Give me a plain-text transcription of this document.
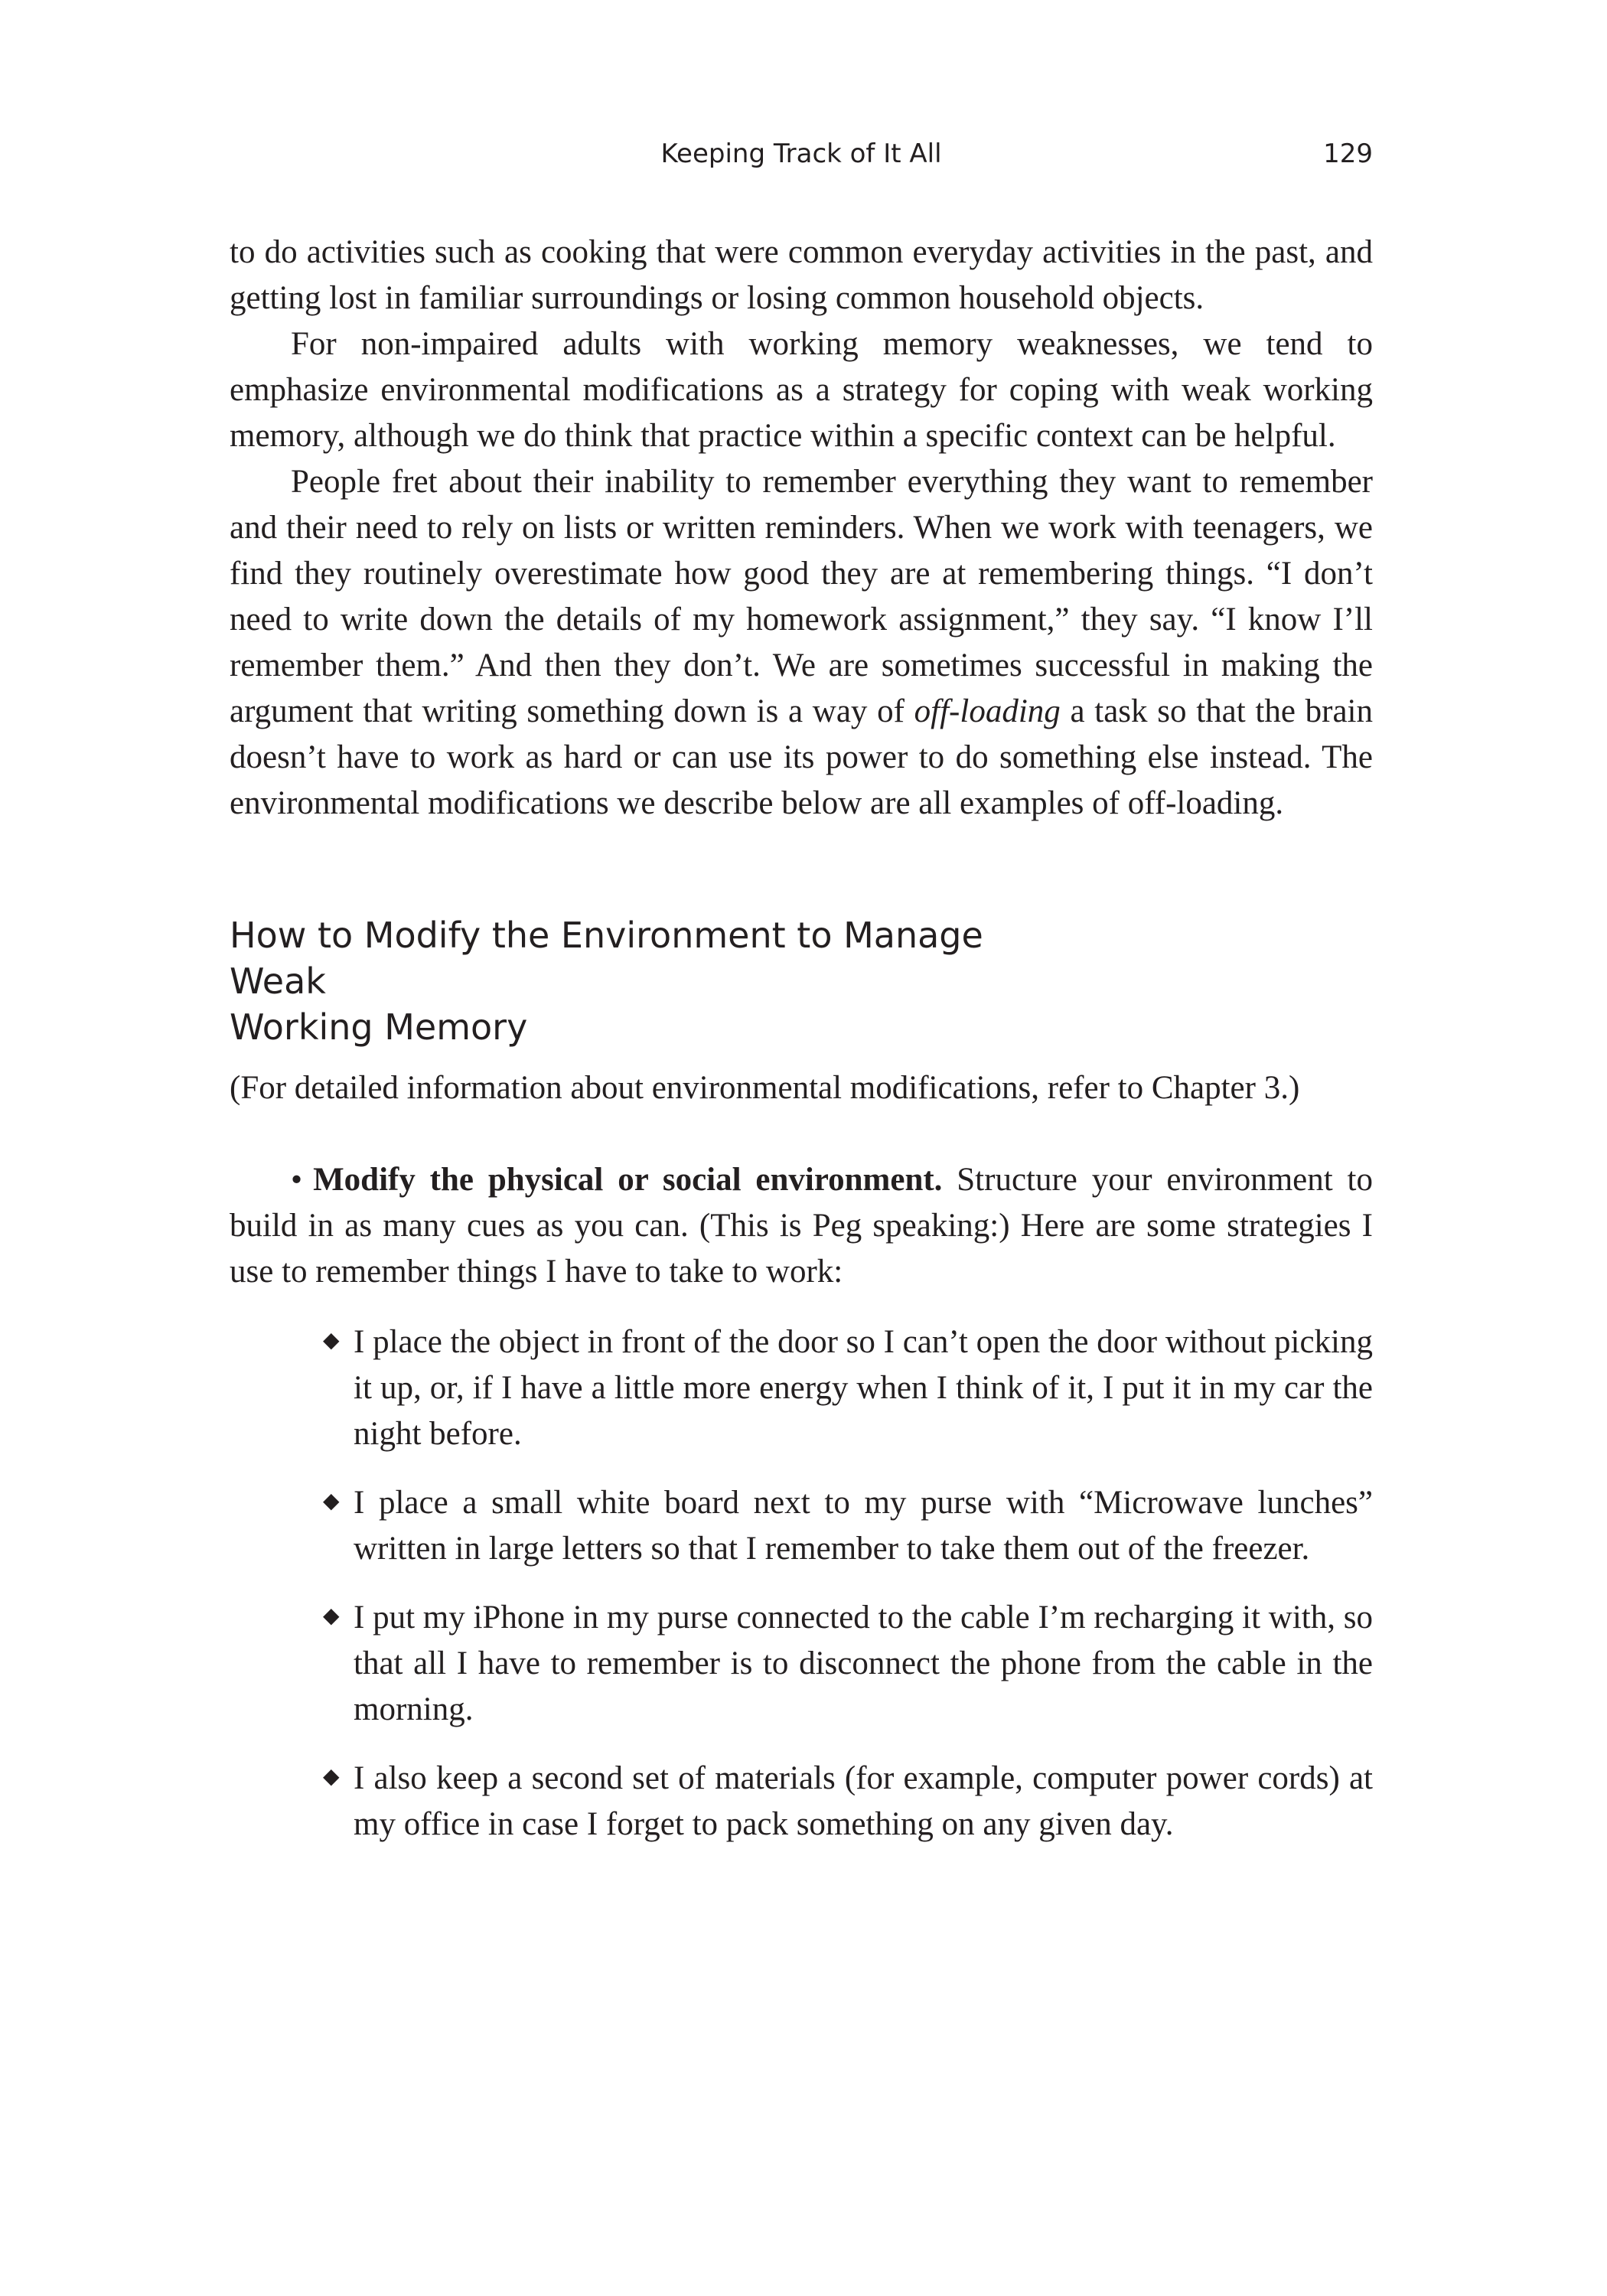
Keeping Track of It All	129

to do activities such as cooking that were common everyday activities in the past, and getting lost in familiar surroundings or losing common household objects.

For non-impaired adults with working memory weaknesses, we tend to emphasize environmental modifications as a strategy for coping with weak working memory, although we do think that practice within a specific context can be helpful.

People fret about their inability to remember everything they want to remember and their need to rely on lists or written reminders. When we work with teenagers, we find they routinely overestimate how good they are at remembering things. “I don’t need to write down the details of my homework assignment,” they say. “I know I’ll remember them.” And then they don’t. We are sometimes successful in making the argument that writing something down is a way of off-loading a task so that the brain doesn’t have to work as hard or can use its power to do something else instead. The environmental modifications we describe below are all examples of off-loading.

How to Modify the Environment to Manage Weak
Working Memory

(For detailed information about environmental modifications, refer to Chapter 3.)

• Modify the physical or social environment. Structure your environment to build in as many cues as you can. (This is Peg speaking:) Here are some strategies I use to remember things I have to take to work:

◆ I place the object in front of the door so I can’t open the door without picking it up, or, if I have a little more energy when I think of it, I put it in my car the night before.
◆ I place a small white board next to my purse with “Microwave lunches” written in large letters so that I remember to take them out of the freezer.
◆ I put my iPhone in my purse connected to the cable I’m recharging it with, so that all I have to remember is to disconnect the phone from the cable in the morning.
◆ I also keep a second set of materials (for example, computer power cords) at my office in case I forget to pack something on any given day.
